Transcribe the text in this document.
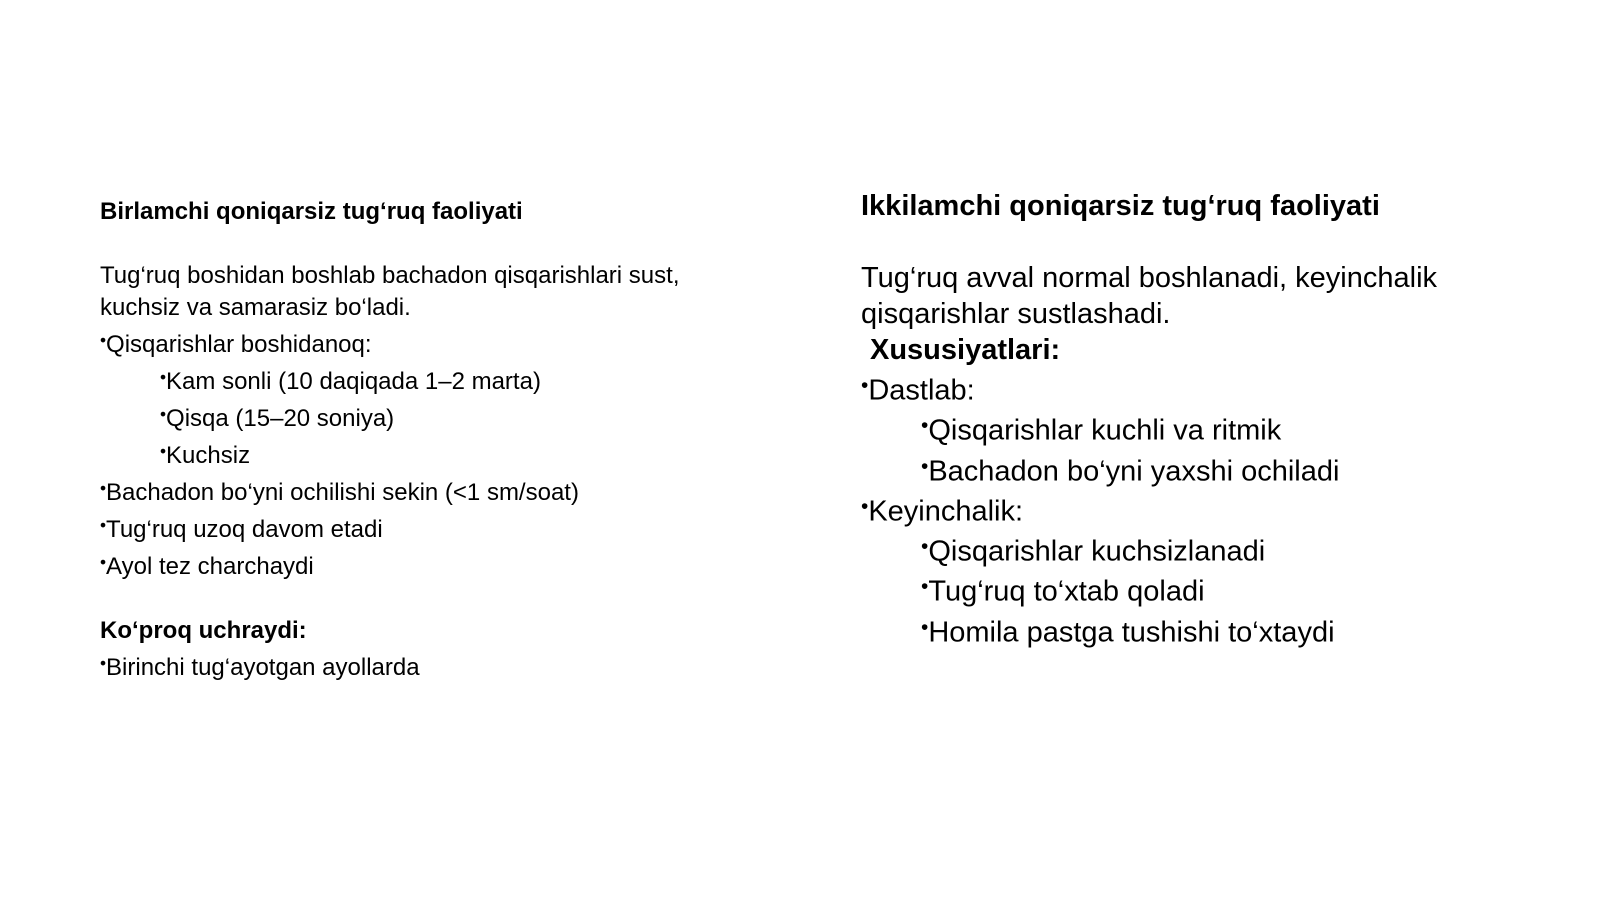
Birlamchi qoniqarsiz tug‘ruq faoliyati

Tug‘ruq boshidan boshlab bachadon qisqarishlari sust,

kuchsiz va samarasiz bo‘ladi.

•Qisqarishlar boshidanoq:

•Kam sonli (10 daqiqada 1–2 marta)

•Qisqa (15–20 soniya)

•Kuchsiz

•Bachadon bo‘yni ochilishi sekin (<1 sm/soat)

•Tug‘ruq uzoq davom etadi

•Ayol tez charchaydi

Ko‘proq uchraydi:

•Birinchi tug‘ayotgan ayollarda

Ikkilamchi qoniqarsiz tug‘ruq faoliyati

Tug‘ruq avval normal boshlanadi, keyinchalik

qisqarishlar sustlashadi.

Xususiyatlari:

•Dastlab:

•Qisqarishlar kuchli va ritmik

•Bachadon bo‘yni yaxshi ochiladi

•Keyinchalik:

•Qisqarishlar kuchsizlanadi

•Tug‘ruq to‘xtab qoladi

•Homila pastga tushishi to‘xtaydi
